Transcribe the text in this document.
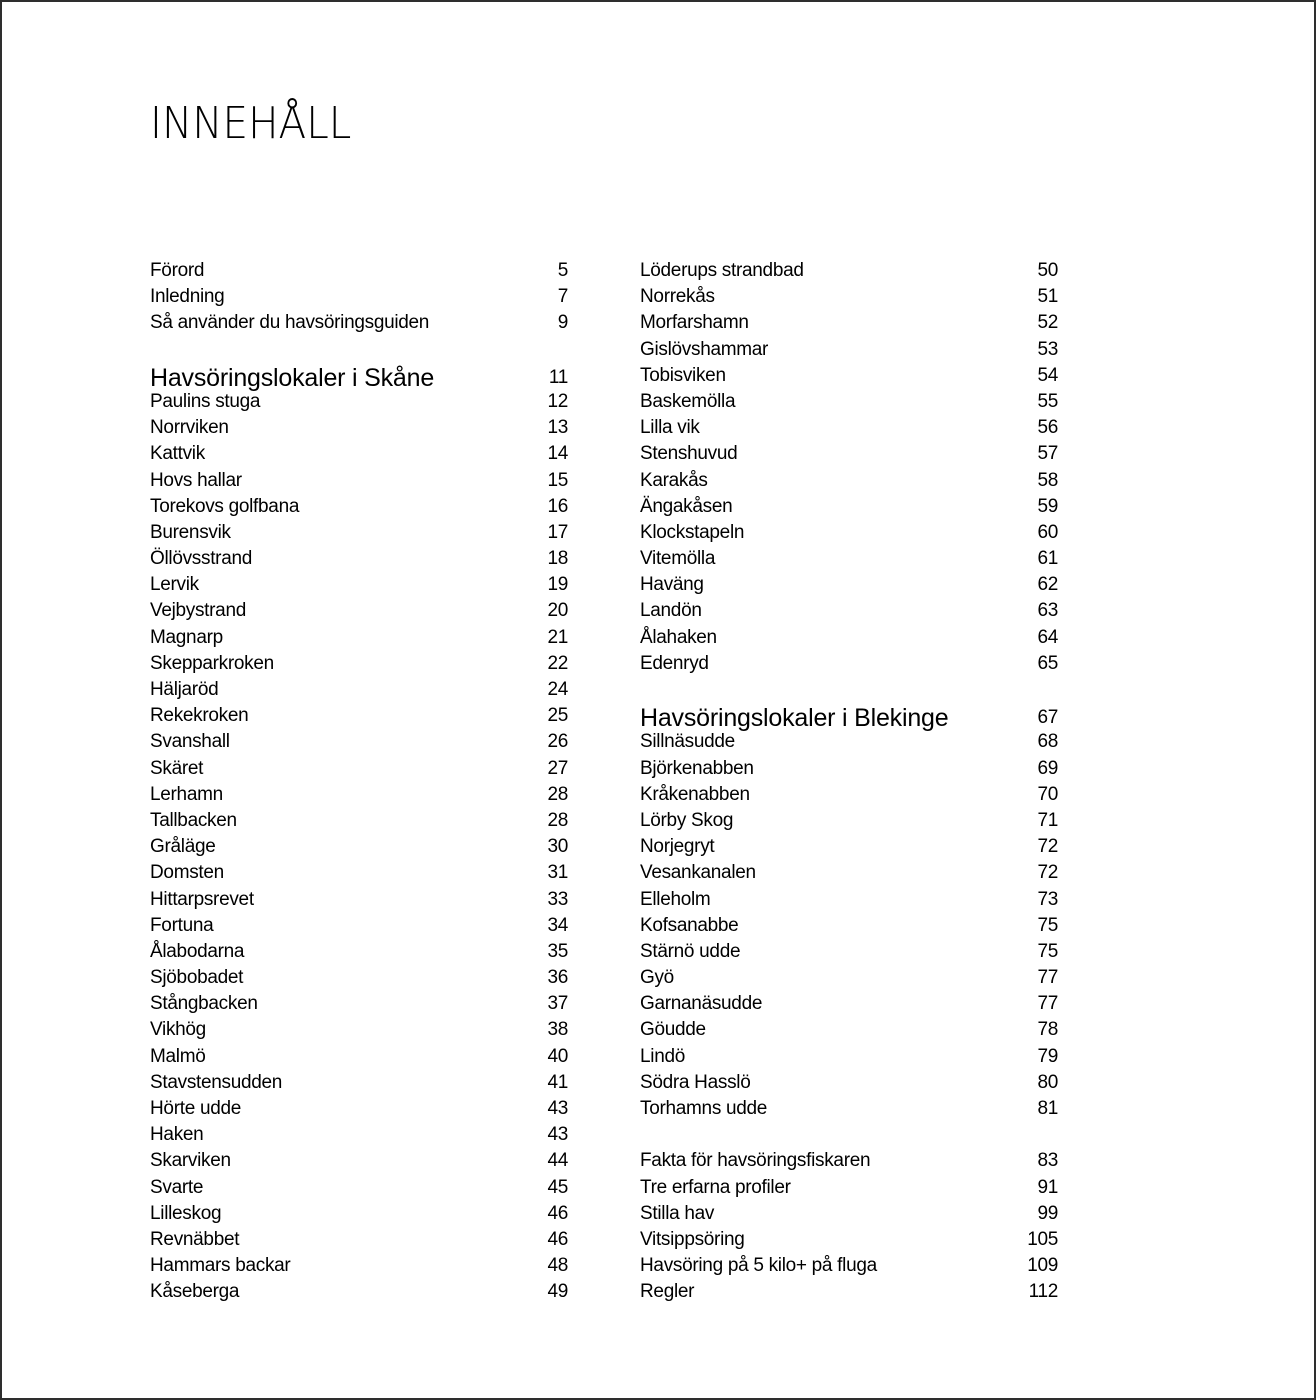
INNEHÅLL
Förord	5
Inledning	7
Så använder du havsöringsguiden	9
Havsöringslokaler i Skåne	11
Paulins stuga	12
Norrviken	13
Kattvik	14
Hovs hallar	15
Torekovs golfbana	16
Burensvik	17
Öllövsstrand	18
Lervik	19
Vejbystrand	20
Magnarp	21
Skepparkroken	22
Häljaröd	24
Rekekroken	25
Svanshall	26
Skäret	27
Lerhamn	28
Tallbacken	28
Gråläge	30
Domsten	31
Hittarpsrevet	33
Fortuna	34
Ålabodarna	35
Sjöbobadet	36
Stångbacken	37
Vikhög	38
Malmö	40
Stavstensudden	41
Hörte udde	43
Haken	43
Skarviken	44
Svarte	45
Lilleskog	46
Revnäbbet	46
Hammars backar	48
Kåseberga	49
Löderups strandbad	50
Norrekås	51
Morfarshamn	52
Gislövshammar	53
Tobisviken	54
Baskemölla	55
Lilla vik	56
Stenshuvud	57
Karakås	58
Ängakåsen	59
Klockstapeln	60
Vitemölla	61
Haväng	62
Landön	63
Ålahaken	64
Edenryd	65
Havsöringslokaler i Blekinge	67
Sillnäsudde	68
Björkenabben	69
Kråkenabben	70
Lörby Skog	71
Norjegryt	72
Vesankanalen	72
Elleholm	73
Kofsanabbe	75
Stärnö udde	75
Gyö	77
Garnanäsudde	77
Göudde	78
Lindö	79
Södra Hasslö	80
Torhamns udde	81
Fakta för havsöringsfiskaren	83
Tre erfarna profiler	91
Stilla hav	99
Vitsippsöring	105
Havsöring på 5 kilo+ på fluga	109
Regler	112
